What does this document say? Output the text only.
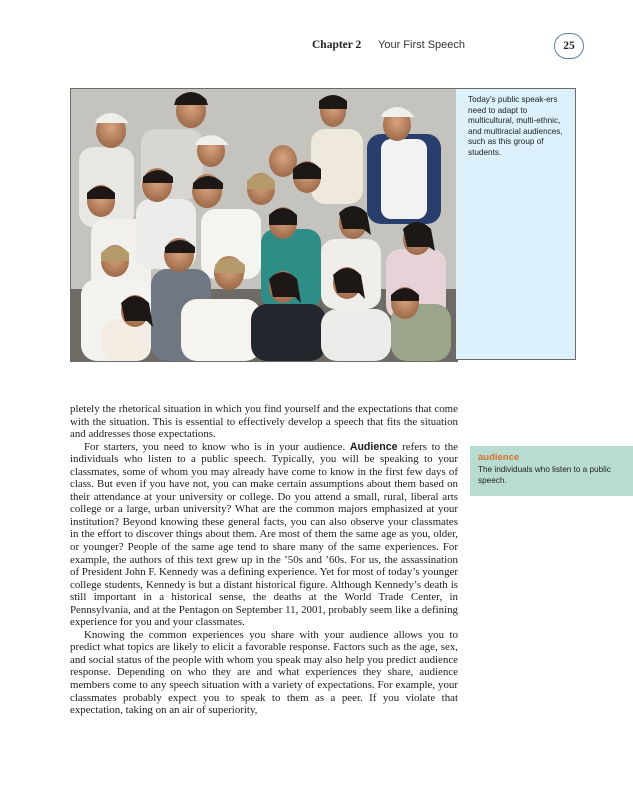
Chapter 2 Your First Speech	25
Today’s public speak-ers need to adapt to multicultural, multi-ethnic, and multiracial audiences, such as this group of students.

pletely the rhetorical situation in which you find yourself and the expectations that come with the situation. This is essential to effectively develop a speech that fits the situation and addresses those expectations.

For starters, you need to know who is in your audience. Audience refers to the individuals who listen to a public speech. Typically, you will be speaking to your classmates, some of whom you may already have come to know in the first few days of class. But even if you have not, you can make certain assumptions about them based on their attendance at your university or college. Do you attend a small, rural, liberal arts college or a large, urban university? What are the common majors emphasized at your institution? Beyond knowing these general facts, you can also observe your classmates in the effort to discover things about them. Are most of them the same age as you, older, or younger? People of the same age tend to share many of the same experiences. For example, the authors of this text grew up in the ’50s and ’60s. For us, the assassination of President John F. Kennedy was a defining experience. Yet for most of today’s younger college students, Kennedy is but a distant historical figure. Although Kennedy’s death is still important in a historical sense, the deaths at the World Trade Center, in Pennsylvania, and at the Pentagon on September 11, 2001, probably seem like a defining experience for you and your classmates.

Knowing the common experiences you share with your audience allows you to predict what topics are likely to elicit a favorable response. Factors such as the age, sex, and social status of the people with whom you speak may also help you predict audience response. Depending on who they are and what experiences they share, audience members come to any speech situation with a variety of expectations. For example, your classmates probably expect you to speak to them as a peer. If you violate that expectation, taking on an air of superiority,

audience
The individuals who listen to a public speech.
